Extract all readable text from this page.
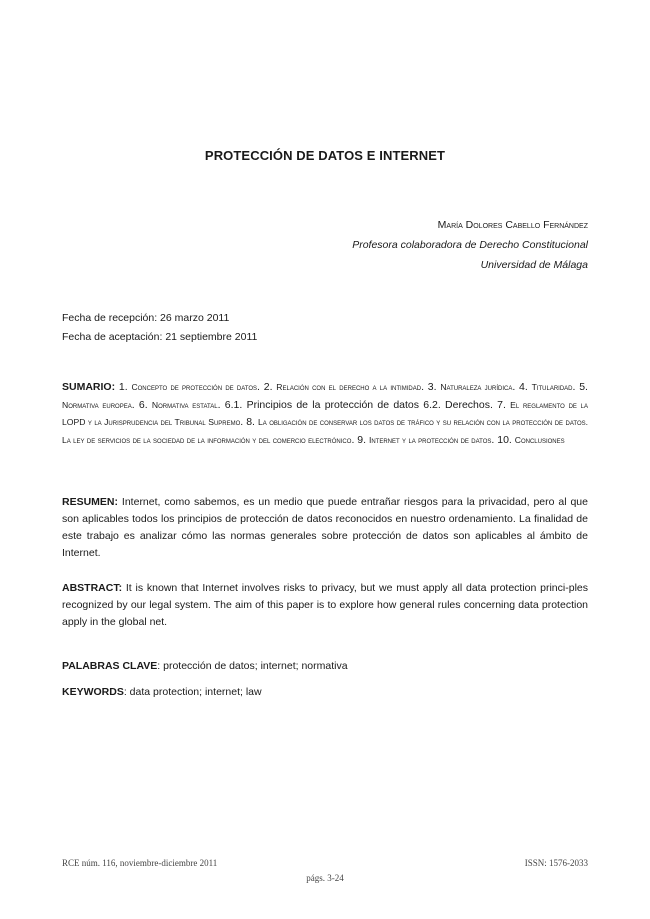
PROTECCIÓN DE DATOS E INTERNET
María Dolores Cabello Fernández
Profesora colaboradora de Derecho Constitucional
Universidad de Málaga
Fecha de recepción: 26 marzo 2011
Fecha de aceptación: 21 septiembre 2011
SUMARIO: 1. Concepto de protección de datos. 2. Relación con el derecho a la intimidad. 3. Naturaleza jurídica. 4. Titularidad. 5. Normativa europea. 6. Normativa estatal. 6.1. Principios de la protección de datos 6.2. Derechos. 7. El reglamento de la LOPD y la Jurisprudencia del Tribunal Supremo. 8. La obligación de conservar los datos de tráfico y su relación con la protección de datos. La ley de servicios de la sociedad de la información y del comercio electrónico. 9. Internet y la protección de datos. 10. Conclusiones
RESUMEN: Internet, como sabemos, es un medio que puede entrañar riesgos para la privacidad, pero al que son aplicables todos los principios de protección de datos reconocidos en nuestro ordenamiento. La finalidad de este trabajo es analizar cómo las normas generales sobre protección de datos son aplicables al ámbito de Internet.
ABSTRACT: It is known that Internet involves risks to privacy, but we must apply all data protection princi-ples recognized by our legal system. The aim of this paper is to explore how general rules concerning data protection apply in the global net.
PALABRAS CLAVE: protección de datos; internet; normativa
KEYWORDS: data protection; internet; law
RCE núm. 116, noviembre-diciembre 2011	ISSN: 1576-2033
págs. 3-24
